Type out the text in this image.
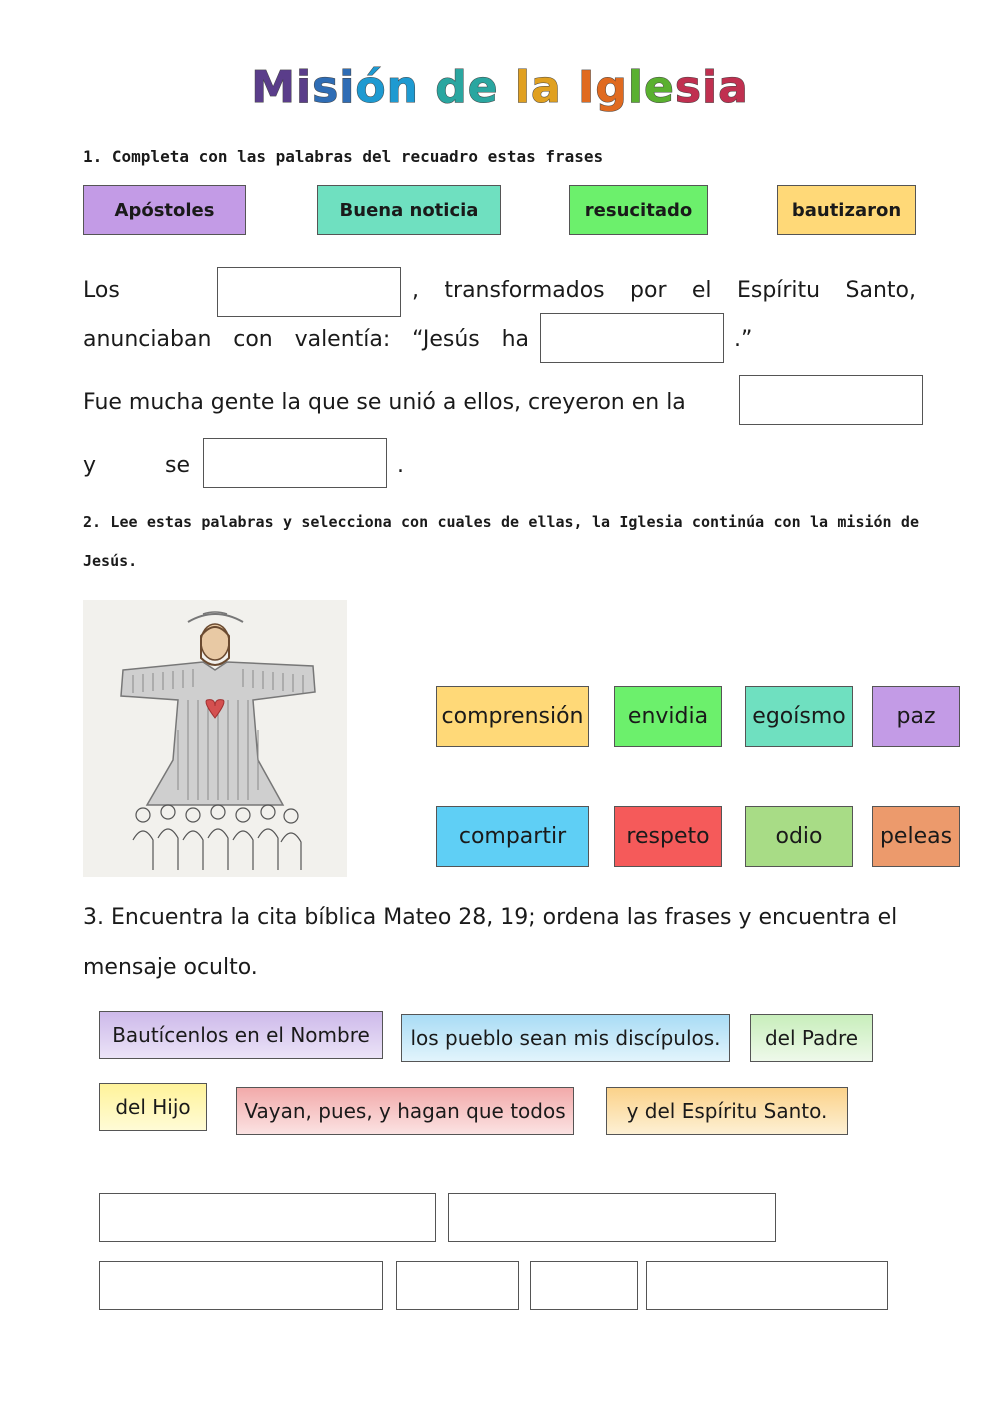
Misión de la Iglesia
1. Completa con las palabras del recuadro estas frases
Apóstoles	Buena noticia	resucitado	bautizaron
Los	, transformados por el Espíritu Santo,
anunciaban con valentía: “Jesús ha	.”
Fue mucha gente la que se unió a ellos, creyeron en la
y	se	.
2. Lee estas palabras y selecciona con cuales de ellas, la Iglesia continúa con la misión de
Jesús.
comprensión	envidia	egoísmo	paz
compartir	respeto	odio	peleas
3. Encuentra la cita bíblica Mateo 28, 19; ordena las frases y encuentra el
mensaje oculto.
Bautícenlos en el Nombre	los pueblo sean mis discípulos.	del Padre
del Hijo	Vayan, pues, y hagan que todos	y del Espíritu Santo.
